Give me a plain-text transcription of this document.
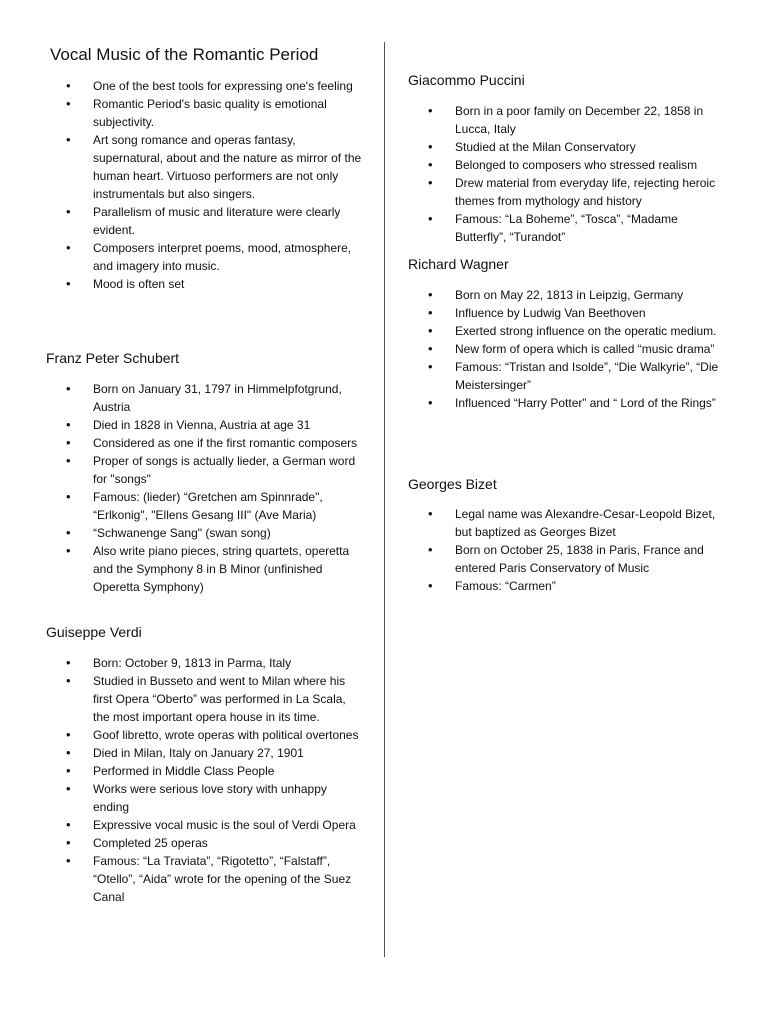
Vocal Music of the Romantic Period
• One of the best tools for expressing one's feeling
• Romantic Period's basic quality is emotional subjectivity.
• Art song romance and operas fantasy, supernatural, about and the nature as mirror of the human heart. Virtuoso performers are not only instrumentals but also singers.
• Parallelism of music and literature were clearly evident.
• Composers interpret poems, mood, atmosphere, and imagery into music.
• Mood is often set
Franz Peter Schubert
• Born on January 31, 1797 in Himmelpfotgrund, Austria
• Died in 1828 in Vienna, Austria at age 31
• Considered as one if the first romantic composers
• Proper of songs is actually lieder, a German word for "songs"
• Famous: (lieder) “Gretchen am Spinnrade", “Erlkonig", "Ellens Gesang III" (Ave Maria)
• “Schwanenge Sang" (swan song)
• Also write piano pieces, string quartets, operetta and the Symphony 8 in B Minor (unfinished Operetta Symphony)
Guiseppe Verdi
• Born: October 9, 1813 in Parma, Italy
• Studied in Busseto and went to Milan where his first Opera “Oberto” was performed in La Scala, the most important opera house in its time.
• Goof libretto, wrote operas with political overtones
• Died in Milan, Italy on January 27, 1901
• Performed in Middle Class People
• Works were serious love story with unhappy ending
• Expressive vocal music is the soul of Verdi Opera
• Completed 25 operas
• Famous: “La Traviata”, “Rigotetto”, “Falstaff”, “Otello”, “Aida” wrote for the opening of the Suez Canal
Giacommo Puccini
• Born in a poor family on December 22, 1858 in Lucca, Italy
• Studied at the Milan Conservatory
• Belonged to composers who stressed realism
• Drew material from everyday life, rejecting heroic themes from mythology and history
• Famous: “La Boheme”, “Tosca”, “Madame Butterfly”, “Turandot”
Richard Wagner
• Born on May 22, 1813 in Leipzig, Germany
• Influence by Ludwig Van Beethoven
• Exerted strong influence on the operatic medium.
• New form of opera which is called “music drama”
• Famous: “Tristan and Isolde”, “Die Walkyrie”, “Die Meistersinger”
• Influenced “Harry Potter” and “ Lord of the Rings”
Georges Bizet
• Legal name was Alexandre-Cesar-Leopold Bizet, but baptized as Georges Bizet
• Born on October 25, 1838 in Paris, France and entered Paris Conservatory of Music
• Famous: “Carmen”
